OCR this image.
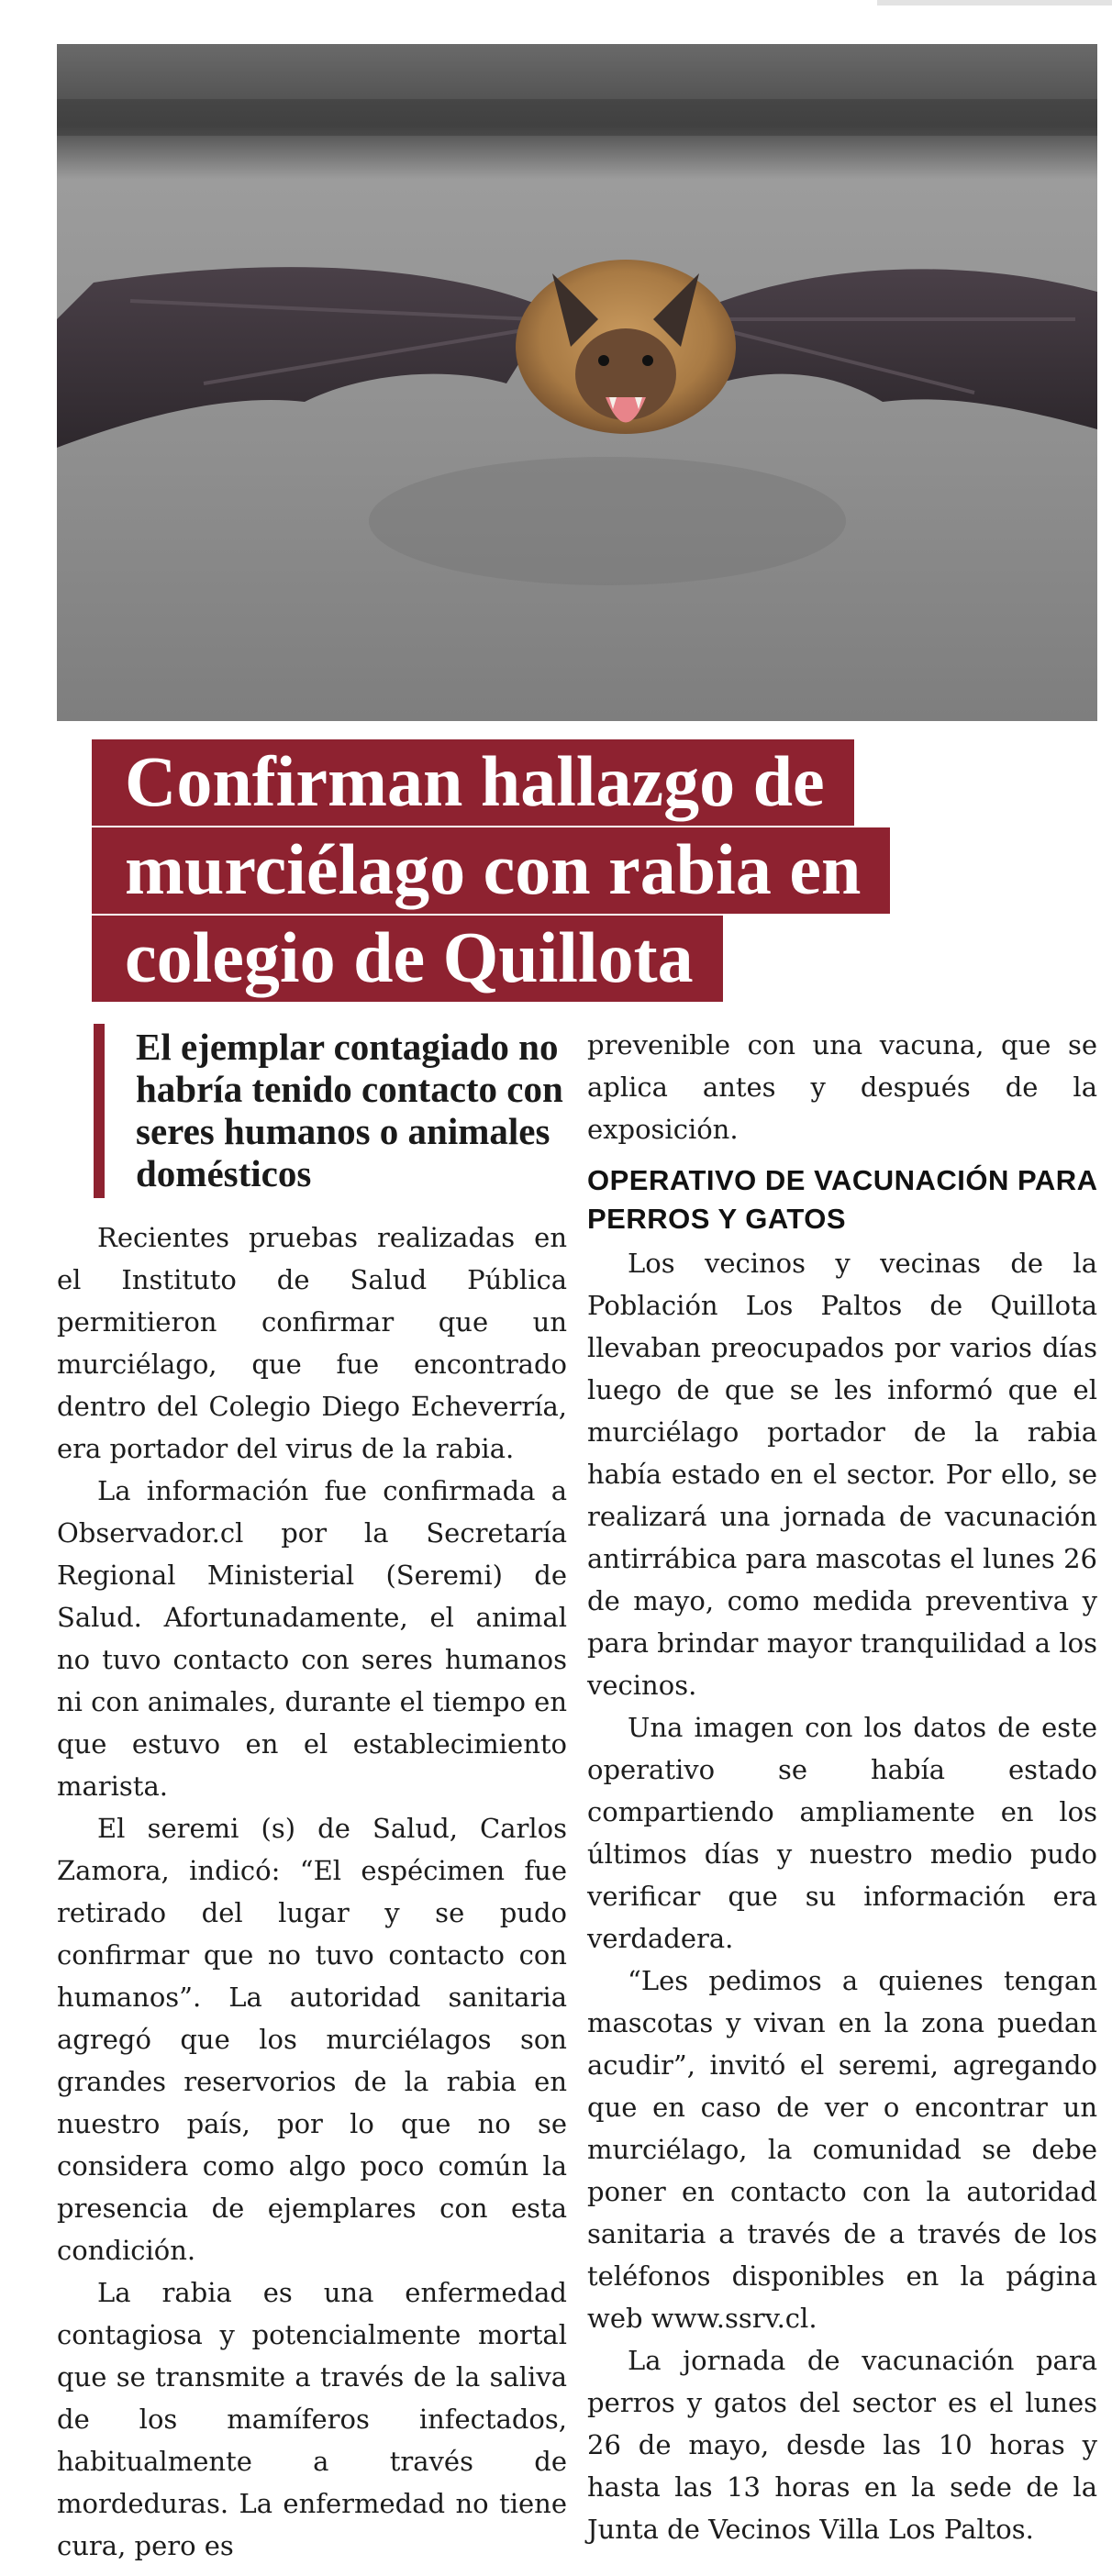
Confirman hallazgo de
murciélago con rabia en
colegio de Quillota
El ejemplar contagiado no habría tenido contacto con seres humanos o animales domésticos

Recientes pruebas realizadas en el Instituto de Salud Pública permitieron confirmar que un murciélago, que fue encontrado dentro del Colegio Diego Echeverría, era portador del virus de la rabia.

La información fue confirmada a Observador.cl por la Secretaría Regional Ministerial (Seremi) de Salud. Afortunadamente, el animal no tuvo contacto con seres humanos ni con animales, durante el tiempo en que estuvo en el establecimiento marista.

El seremi (s) de Salud, Carlos Zamora, indicó: “El espécimen fue retirado del lugar y se pudo confirmar que no tuvo contacto con humanos”. La autoridad sanitaria agregó que los murciélagos son grandes reservorios de la rabia en nuestro país, por lo que no se considera como algo poco común la presencia de ejemplares con esta condición.

La rabia es una enfermedad contagiosa y potencialmente mortal que se transmite a través de la saliva de los mamíferos infectados, habitualmente a través de mordeduras. La enfermedad no tiene cura, pero es

prevenible con una vacuna, que se aplica antes y después de la exposición.

OPERATIVO DE VACUNACIÓN PARA PERROS Y GATOS

Los vecinos y vecinas de la Población Los Paltos de Quillota llevaban preocupados por varios días luego de que se les informó que el murciélago portador de la rabia había estado en el sector. Por ello, se realizará una jornada de vacunación antirrábica para mascotas el lunes 26 de mayo, como medida preventiva y para brindar mayor tranquilidad a los vecinos.

Una imagen con los datos de este operativo se había estado compartiendo ampliamente en los últimos días y nuestro medio pudo verificar que su información era verdadera.

“Les pedimos a quienes tengan mascotas y vivan en la zona puedan acudir”, invitó el seremi, agregando que en caso de ver o encontrar un murciélago, la comunidad se debe poner en contacto con la autoridad sanitaria a través de a través de los teléfonos disponibles en la página web www.ssrv.cl.

La jornada de vacunación para perros y gatos del sector es el lunes 26 de mayo, desde las 10 horas y hasta las 13 horas en la sede de la Junta de Vecinos Villa Los Paltos.
